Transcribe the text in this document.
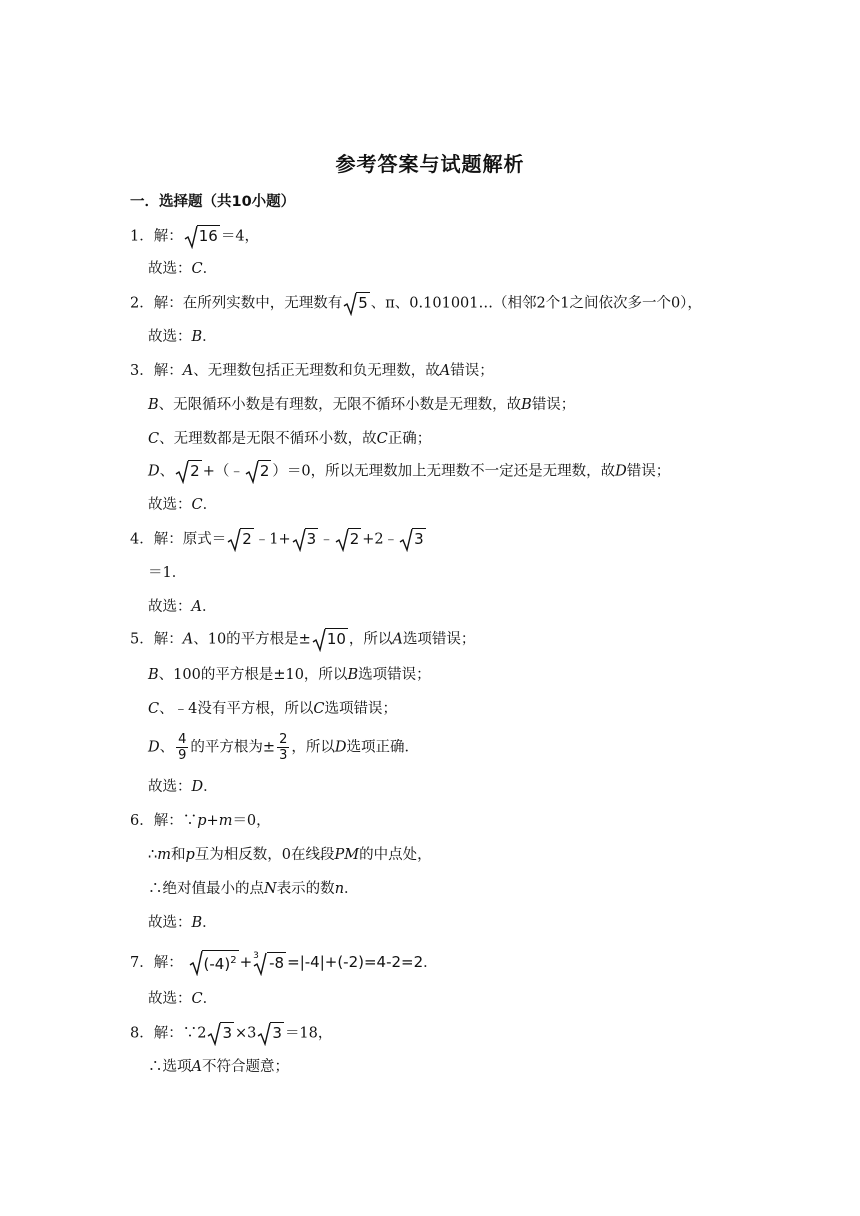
参考答案与试题解析
一．选择题（共10小题）
1．解： 16 ＝4，
故选：C．
2．解：在所列实数中，无理数有 5 、π、0.101001…（相邻2个1之间依次多一个0），
故选：B．
3．解：A、无理数包括正无理数和负无理数，故A错误；
B、无限循环小数是有理数，无限不循环小数是无理数，故B错误；
C、无理数都是无限不循环小数，故C正确；
D、 2 +（﹣ 2 ）＝0，所以无理数加上无理数不一定还是无理数，故D错误；
故选：C．
4．解：原式＝ 2 ﹣1+ 3 ﹣ 2 +2﹣ 3
＝1．
故选：A．
5．解：A、10的平方根是± 10 ，所以A选项错误；
B、100的平方根是±10，所以B选项错误；
C、﹣4没有平方根，所以C选项错误；
D、 $\frac{4}{9}$ 的平方根为± $\frac{2}{3}$ ，所以D选项正确．
故选：D．
6．解：∵p+m＝0，
∴m和p互为相反数，0在线段PM的中点处，
∴绝对值最小的点N表示的数n．
故选：B．
7．解： $(-4)^2 + 3$ -8 =|-4|+(-2)=4-2=2．
故选：C．
8．解：∵2 3 ×3 3 ＝18，
∴选项A不符合题意；
